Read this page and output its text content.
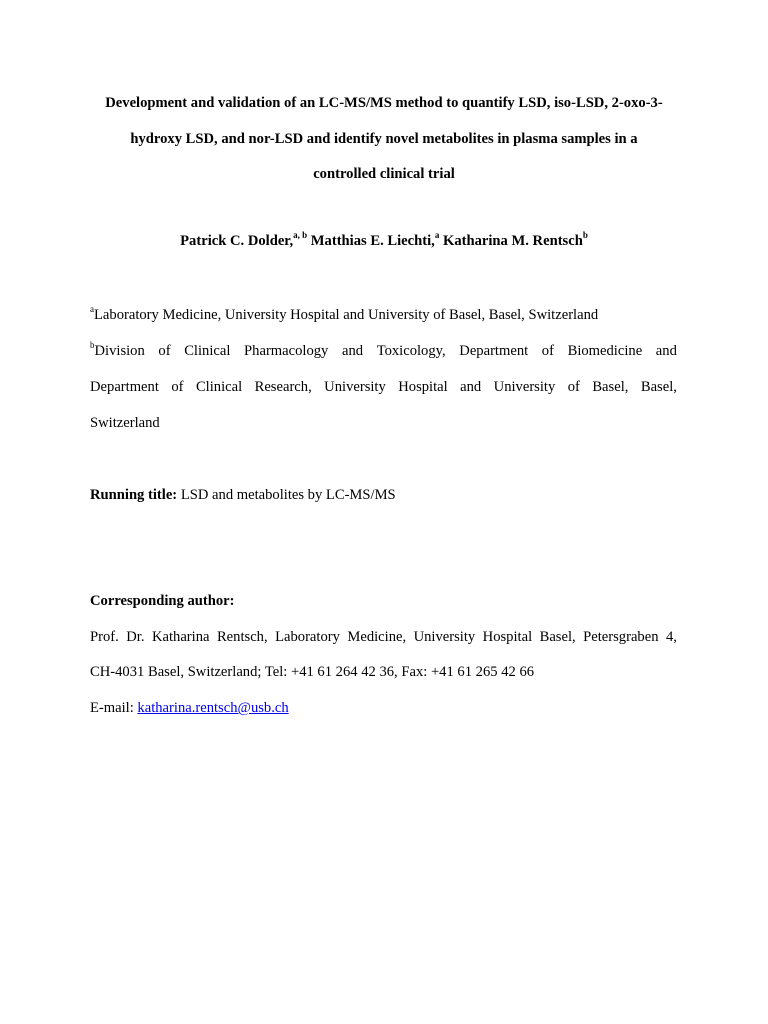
Development and validation of an LC-MS/MS method to quantify LSD, iso-LSD, 2-oxo-3-
hydroxy LSD, and nor-LSD and identify novel metabolites in plasma samples in a
controlled clinical trial
Patrick C. Dolder,$^{a, b}$ Matthias E. Liechti,$^a$ Katharina M. Rentsch$^b$
$^a$Laboratory Medicine, University Hospital and University of Basel, Basel, Switzerland
$^b$Division of Clinical Pharmacology and Toxicology, Department of Biomedicine and
Department of Clinical Research, University Hospital and University of Basel, Basel,
Switzerland
Running title: LSD and metabolites by LC-MS/MS
Corresponding author:
Prof. Dr. Katharina Rentsch, Laboratory Medicine, University Hospital Basel, Petersgraben 4,
CH-4031 Basel, Switzerland; Tel: +41 61 264 42 36, Fax: +41 61 265 42 66
E-mail: katharina.rentsch@usb.ch
